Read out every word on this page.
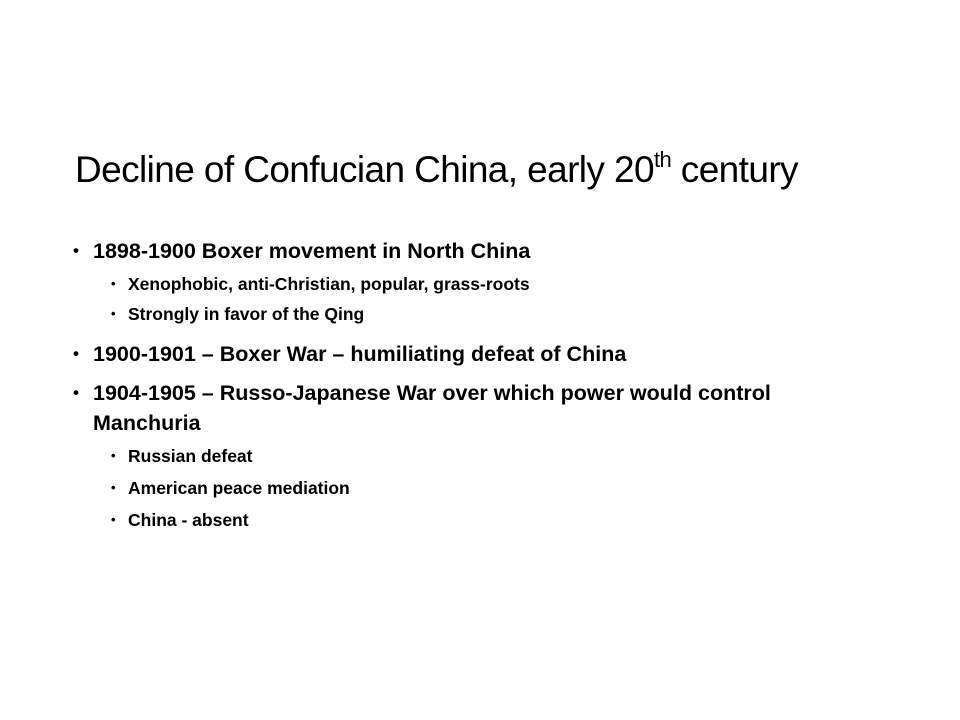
Decline of Confucian China, early 20th century
• 1898-1900 Boxer movement in North China
• Xenophobic, anti-Christian, popular, grass-roots
• Strongly in favor of the Qing
• 1900-1901 – Boxer War – humiliating defeat of China
• 1904-1905 – Russo-Japanese War over which power would control
Manchuria
• Russian defeat
• American peace mediation
• China - absent
